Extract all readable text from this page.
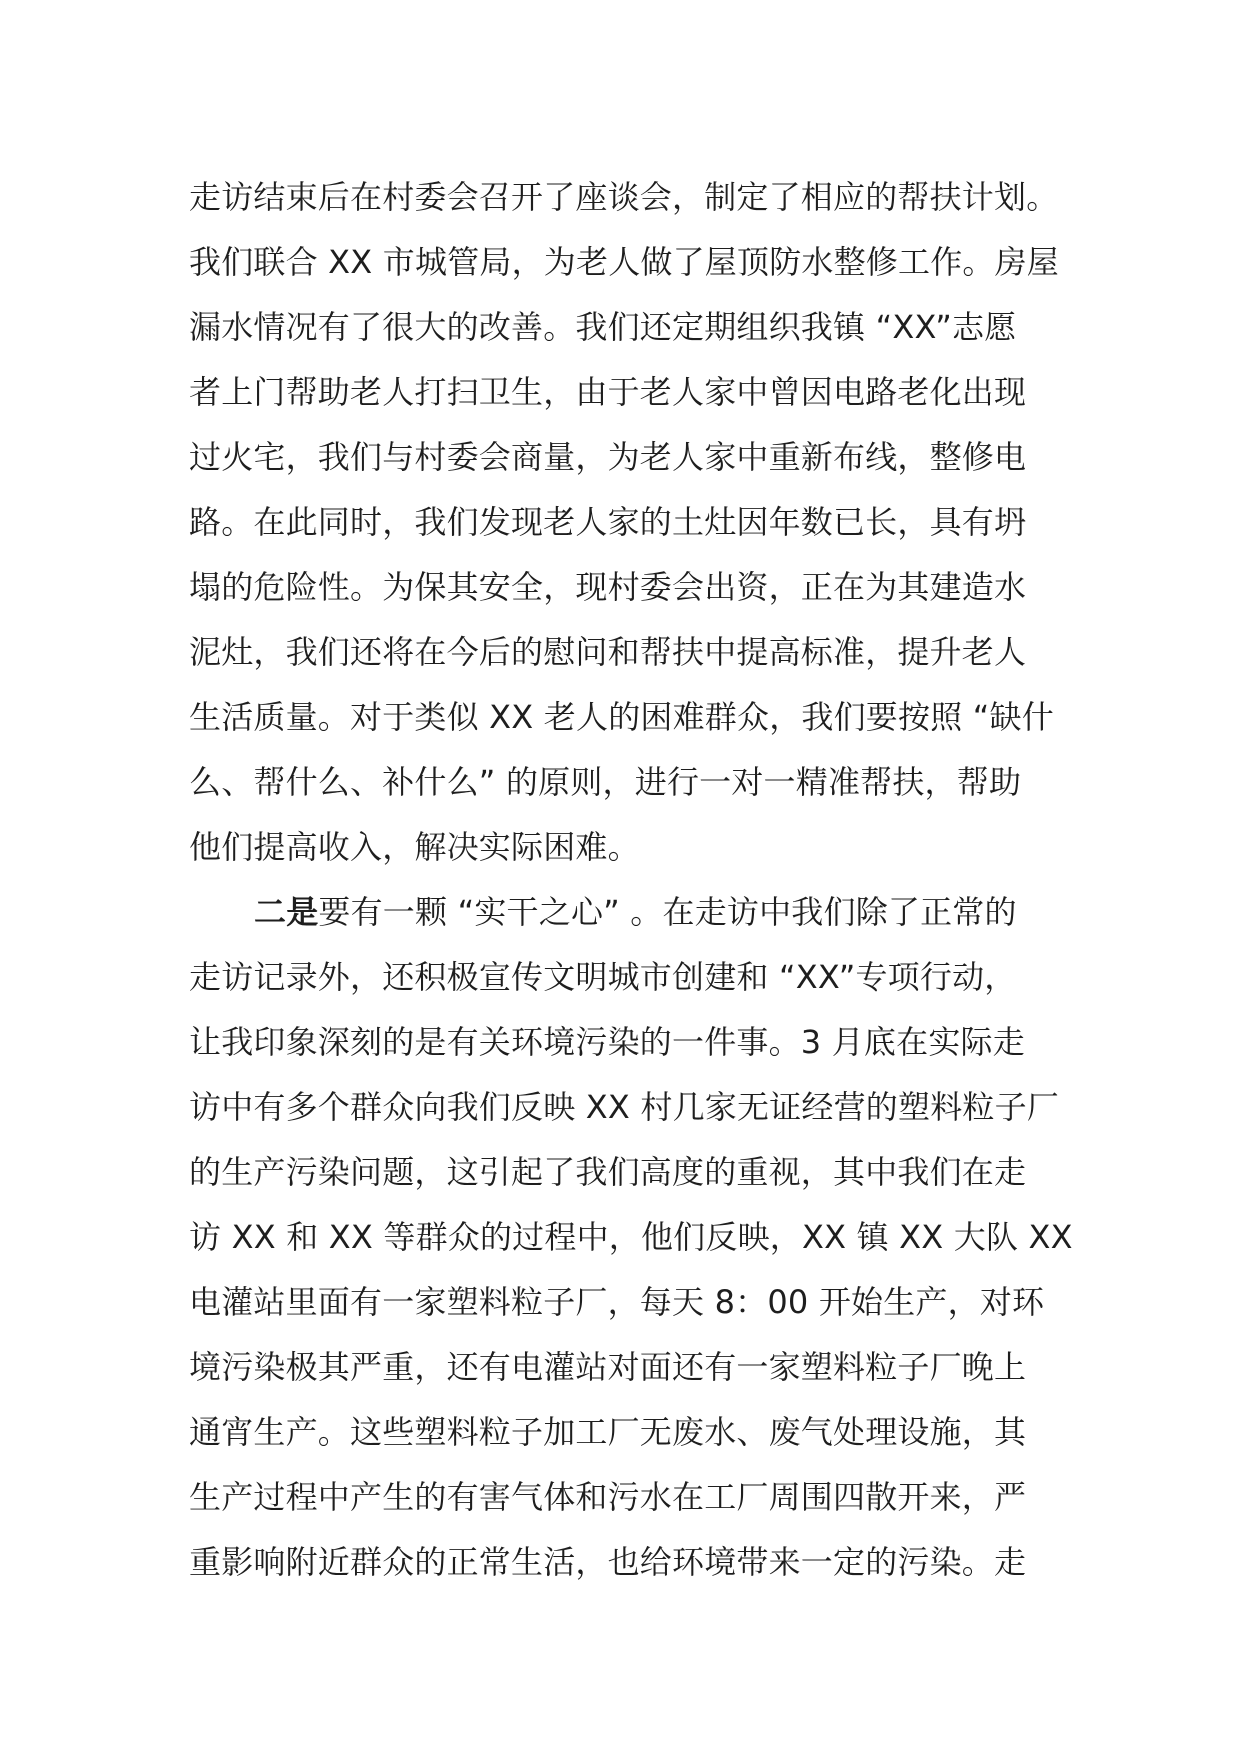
走访结束后在村委会召开了座谈会，制定了相应的帮扶计划。
我们联合 XX 市城管局，为老人做了屋顶防水整修工作。房屋
漏水情况有了很大的改善。我们还定期组织我镇 “XX”志愿
者上门帮助老人打扫卫生，由于老人家中曾因电路老化出现
过火宅，我们与村委会商量，为老人家中重新布线，整修电
路。在此同时，我们发现老人家的土灶因年数已长，具有坍
塌的危险性。为保其安全，现村委会出资，正在为其建造水
泥灶，我们还将在今后的慰问和帮扶中提高标准，提升老人
生活质量。对于类似 XX 老人的困难群众，我们要按照 “缺什
么、帮什么、补什么” 的原则，进行一对一精准帮扶，帮助
他们提高收入，解决实际困难。
二是要有一颗 “实干之心” 。在走访中我们除了正常的
走访记录外，还积极宣传文明城市创建和 “XX”专项行动，
让我印象深刻的是有关环境污染的一件事。3 月底在实际走
访中有多个群众向我们反映 XX 村几家无证经营的塑料粒子厂
的生产污染问题，这引起了我们高度的重视，其中我们在走
访 XX 和 XX 等群众的过程中，他们反映，XX 镇 XX 大队 XX
电灌站里面有一家塑料粒子厂，每天 8：00 开始生产，对环
境污染极其严重，还有电灌站对面还有一家塑料粒子厂晚上
通宵生产。这些塑料粒子加工厂无废水、废气处理设施，其
生产过程中产生的有害气体和污水在工厂周围四散开来，严
重影响附近群众的正常生活，也给环境带来一定的污染。走
